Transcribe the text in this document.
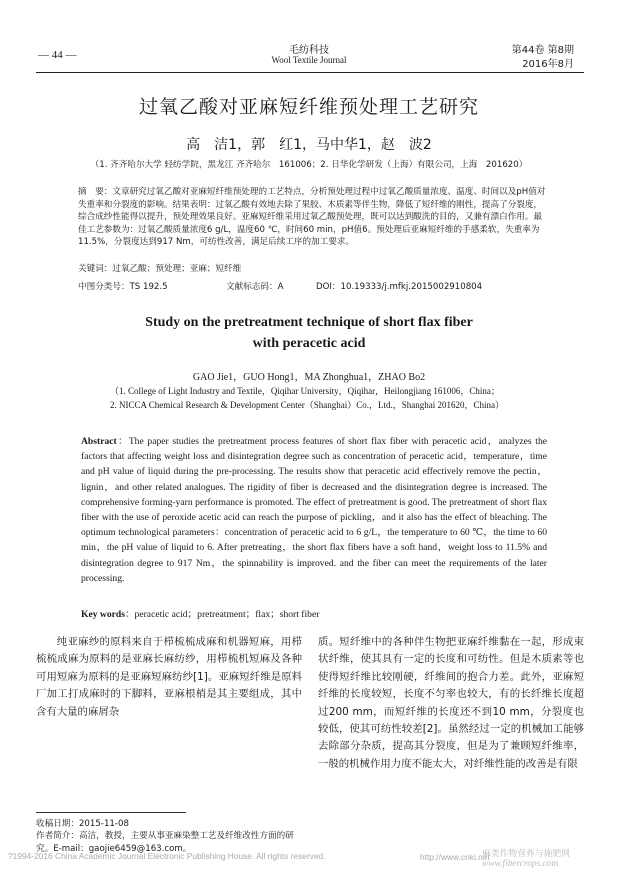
— 44 —	毛纺科技
Wool Textile Journal
第44卷 第8期
2016年8月
过氧乙酸对亚麻短纤维预处理工艺研究
高　洁1，郭　红1，马中华1，赵　波2
（1. 齐齐哈尔大学 轻纺学院，黑龙江 齐齐哈尔　161006；2. 日华化学研发（上海）有限公司，上海　201620）
摘　要：文章研究过氧乙酸对亚麻短纤维预处理的工艺特点，分析预处理过程中过氧乙酸质量浓度、温度、时间以及pH值对失重率和分裂度的影响。结果表明：过氧乙酸有效地去除了果胶、木质素等伴生物，降低了短纤维的刚性，提高了分裂度，综合成纱性能得以提升，预处理效果良好。亚麻短纤维采用过氧乙酸预处理，既可以达到酸洗的目的，又兼有漂白作用。最佳工艺参数为：过氧乙酸质量浓度6 g/L，温度60 ℃，时间60 min，pH值6。预处理后亚麻短纤维的手感柔软，失重率为11.5%，分裂度达到917 Nm，可纺性改善，满足后续工序的加工要求。
关键词：过氧乙酸；预处理；亚麻；短纤维
中图分类号：TS 192.5	文献标志码：A	DOI：10.19333/j.mfkj.2015002910804
Study on the pretreatment technique of short flax fiber
with peracetic acid
GAO Jie1，GUO Hong1，MA Zhonghua1，ZHAO Bo2
（1. College of Light Industry and Textile，Qiqihar University，Qiqihar，Heilongjiang 161006，China；
2. NICCA Chemical Research & Development Center（Shanghai）Co.，Ltd.，Shanghai 201620，China）
Abstract：The paper studies the pretreatment process features of short flax fiber with peracetic acid，analyzes the factors that affecting weight loss and disintegration degree such as concentration of peracetic acid，temperature，time and pH value of liquid during the pre-processing. The results show that peracetic acid effectively remove the pectin，lignin，and other related analogues. The rigidity of fiber is decreased and the disintegration degree is increased. The comprehensive forming-yarn performance is promoted. The effect of pretreatment is good. The pretreatment of short flax fiber with the use of peroxide acetic acid can reach the purpose of pickling，and it also has the effect of bleaching. The optimum technological parameters：concentration of peracetic acid to 6 g/L，the temperature to 60 ℃，the time to 60 min，the pH value of liquid to 6. After pretreating，the short flax fibers have a soft hand，weight loss to 11.5% and disintegration degree to 917 Nm，the spinnability is improved. and the fiber can meet the requirements of the later processing.
Key words：peracetic acid；pretreatment；flax；short fiber
纯亚麻纱的原料来自于栉梳梳成麻和机器短麻，用栉梳梳成麻为原料的是亚麻长麻纺纱，用栉梳机短麻及各种可用短麻为原料的是亚麻短麻纺纱[1]。亚麻短纤维是原料厂加工打成麻时的下脚料，亚麻根梢是其主要组成，其中含有大量的麻屑杂
质。短纤维中的各种伴生物把亚麻纤维黏在一起，形成束状纤维，使其具有一定的长度和可纺性。但是木质素等也使得短纤维比较刚硬，纤维间的抱合力差。此外，亚麻短纤维的长度较短，长度不匀率也较大，有的长纤维长度超过200 mm，而短纤维的长度还不到10 mm，分裂度也较低，使其可纺性较差[2]。虽然经过一定的机械加工能够去除部分杂质，提高其分裂度，但是为了兼顾短纤维率，一般的机械作用力度不能太大，对纤维性能的改善是有限
收稿日期：2015-11-08
作者简介：高洁，教授，主要从事亚麻染整工艺及纤维改性方面的研究。E-mail：gaojie6459@163.com。
?1994-2016 China Academic Journal Electronic Publishing House. All rights reserved.	http://www.cnki.net
麻类作物营养与施肥网
www.fibercrops.com
